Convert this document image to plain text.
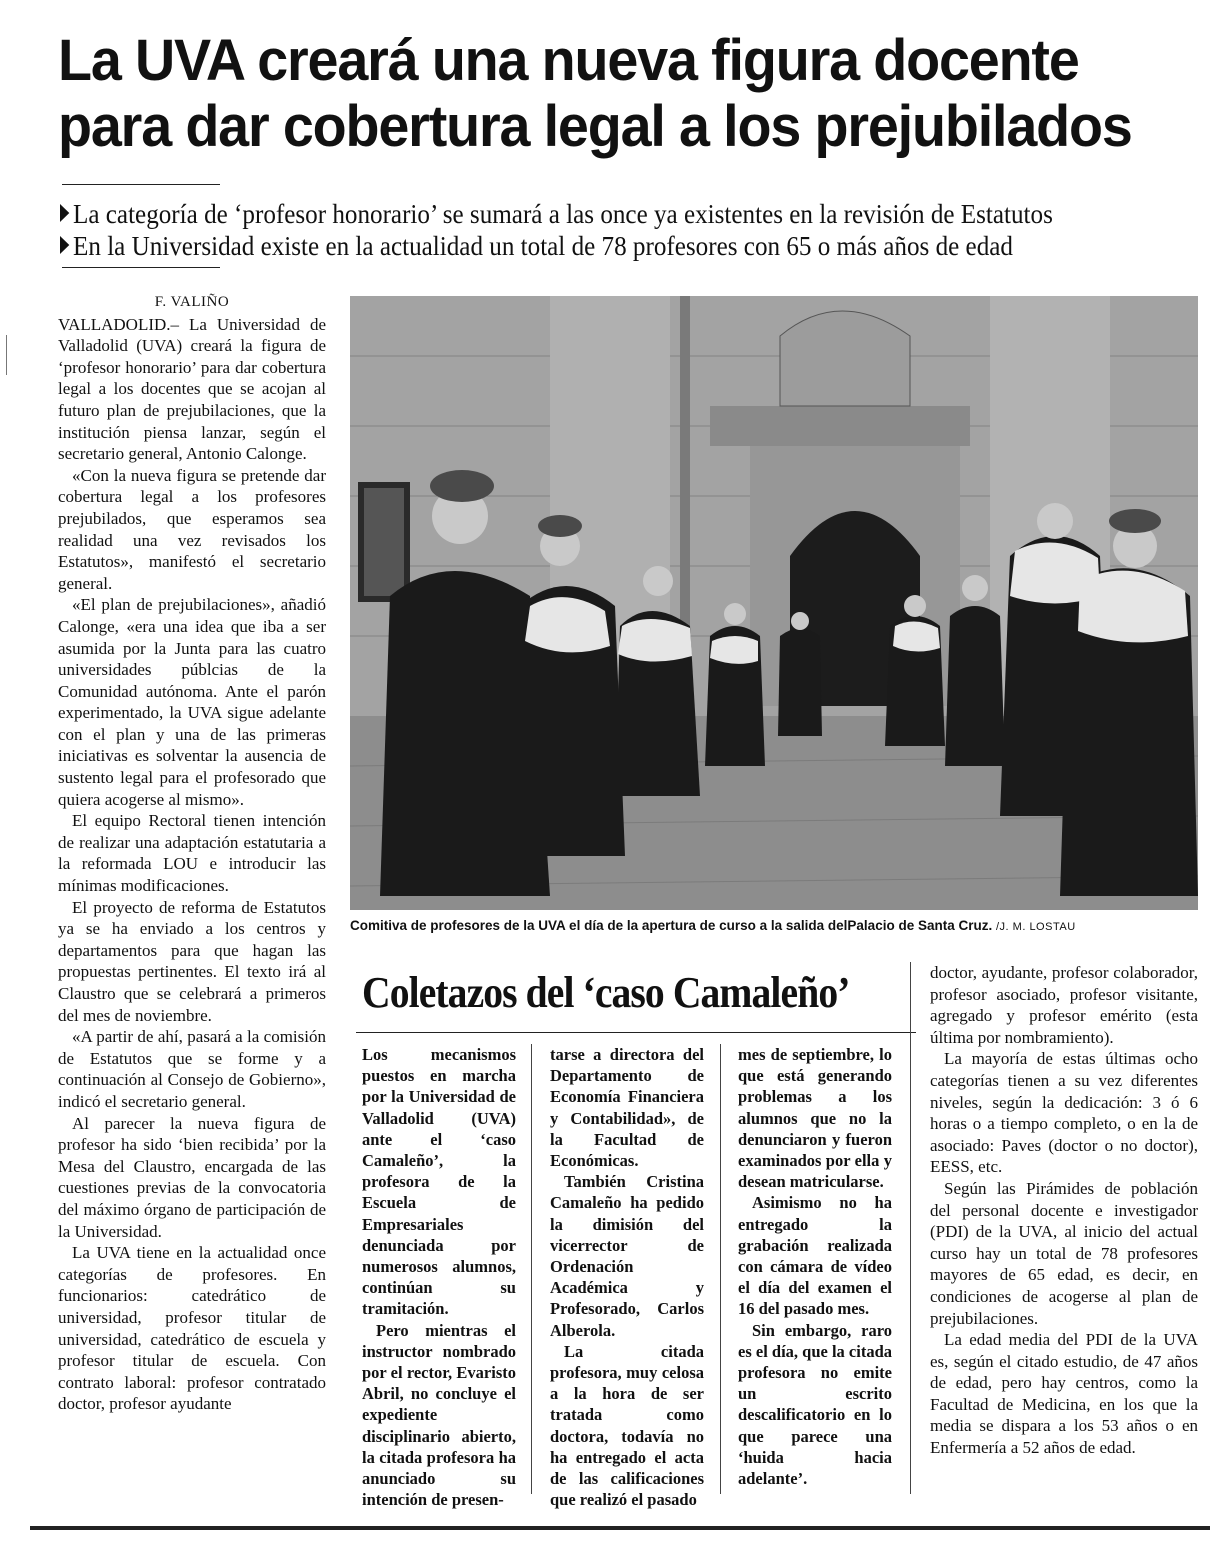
La UVA creará una nueva figura docente
para dar cobertura legal a los prejubilados
La categoría de ‘profesor honorario’ se sumará a las once ya existentes en la revisión de Estatutos
En la Universidad existe en la actualidad un total de 78 profesores con 65 o más años de edad

F. VALIÑO

VALLADOLID.– La Universidad de Valladolid (UVA) creará la figura de ‘profesor honorario’ para dar cobertura legal a los docentes que se acojan al futuro plan de prejubilaciones, que la institución piensa lanzar, según el secretario general, Antonio Calonge.

«Con la nueva figura se pretende dar cobertura legal a los profesores prejubilados, que esperamos sea realidad una vez revisados los Estatutos», manifestó el secretario general.

«El plan de prejubilaciones», añadió Calonge, «era una idea que iba a ser asumida por la Junta para las cuatro universidades públcias de la Comunidad autónoma. Ante el parón experimentado, la UVA sigue adelante con el plan y una de las primeras iniciativas es solventar la ausencia de sustento legal para el profesorado que quiera acogerse al mismo».

El equipo Rectoral tienen intención de realizar una adaptación estatutaria a la reformada LOU e introducir las mínimas modificaciones.

El proyecto de reforma de Estatutos ya se ha enviado a los centros y departamentos para que hagan las propuestas pertinentes. El texto irá al Claustro que se celebrará a primeros del mes de noviembre.

«A partir de ahí, pasará a la comisión de Estatutos que se forme y a continuación al Consejo de Gobierno», indicó el secretario general.

Al parecer la nueva figura de profesor ha sido ‘bien recibida’ por la Mesa del Claustro, encargada de las cuestiones previas de la convocatoria del máximo órgano de participación de la Universidad.

La UVA tiene en la actualidad once categorías de profesores. En funcionarios: catedrático de universidad, profesor titular de universidad, catedrático de escuela y profesor titular de escuela. Con contrato laboral: profesor contratado doctor, profesor ayudante

Comitiva de profesores de la UVA el día de la apertura de curso a la salida delPalacio de Santa Cruz. /J. M. LOSTAU
Coletazos del ‘caso Camaleño’

Los mecanismos puestos en marcha por la Universidad de Valladolid (UVA) ante el ‘caso Camaleño’, la profesora de la Escuela de Empresariales denunciada por numerosos alumnos, continúan su tramitación.

Pero mientras el instructor nombrado por el rector, Evaristo Abril, no concluye el expediente disciplinario abierto, la citada profesora ha anunciado su intención de presen-

tarse a directora del Departamento de Economía Financiera y Contabilidad», de la Facultad de Económicas.

También Cristina Camaleño ha pedido la dimisión del vicerrector de Ordenación Académica y Profesorado, Carlos Alberola.

La citada profesora, muy celosa a la hora de ser tratada como doctora, todavía no ha entregado el acta de las calificaciones que realizó el pasado

mes de septiembre, lo que está generando problemas a los alumnos que no la denunciaron y fueron examinados por ella y desean matricularse.

Asimismo no ha entregado la grabación realizada con cámara de vídeo el día del examen el 16 del pasado mes.

Sin embargo, raro es el día, que la citada profesora no emite un escrito descalificatorio en lo que parece una ‘huida hacia adelante’.

doctor, ayudante, profesor colaborador, profesor asociado, profesor visitante, agregado y profesor emérito (esta última por nombramiento).

La mayoría de estas últimas ocho categorías tienen a su vez diferentes niveles, según la dedicación: 3 ó 6 horas o a tiempo completo, o en la de asociado: Paves (doctor o no doctor), EESS, etc.

Según las Pirámides de población del personal docente e investigador (PDI) de la UVA, al inicio del actual curso hay un total de 78 profesores mayores de 65 edad, es decir, en condiciones de acogerse al plan de prejubilaciones.

La edad media del PDI de la UVA es, según el citado estudio, de 47 años de edad, pero hay centros, como la Facultad de Medicina, en los que la media se dispara a los 53 años o en Enfermería a 52 años de edad.
